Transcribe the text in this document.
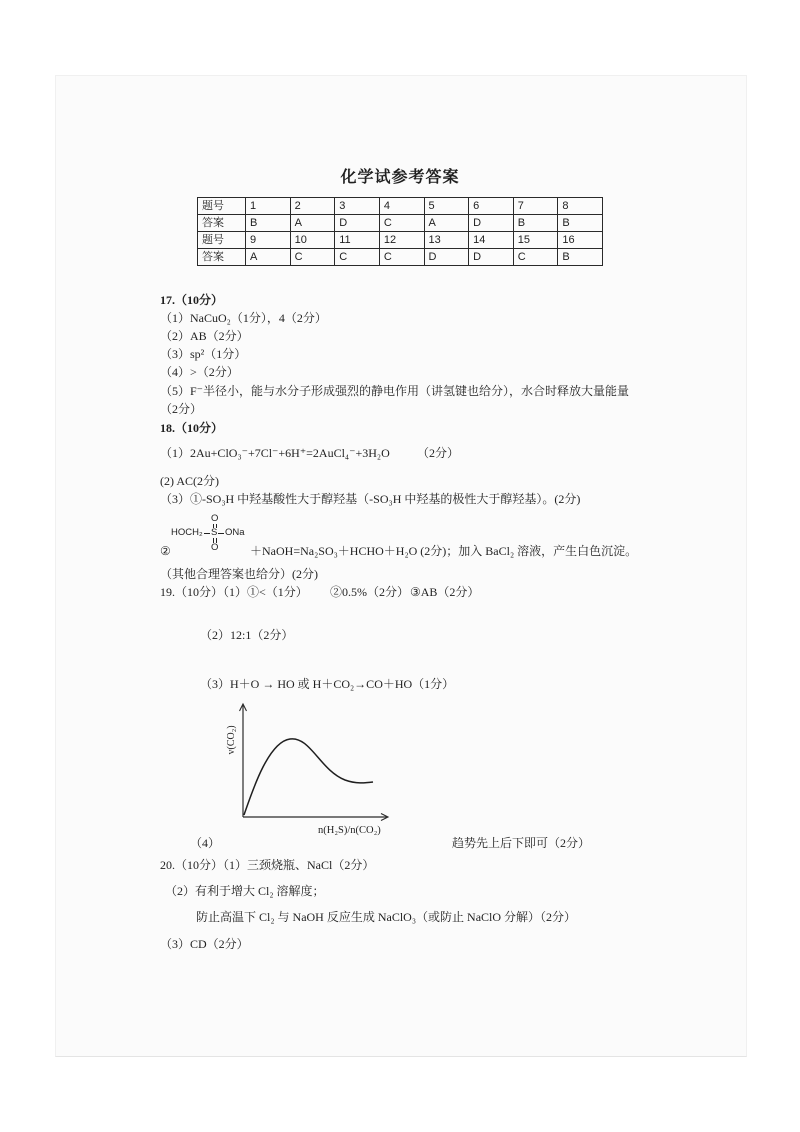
化学试参考答案
题号	1	2	3	4	5	6	7	8
答案	B	A	D	C	A	D	B	B
题号	9	10	11	12	13	14	15	16
答案	A	C	C	C	D	D	C	B
17.（10分）
（1）NaCuO₂（1分），4（2分）
（2）AB（2分）
（3）sp²（1分）
（4）>（2分）
（5）F⁻半径小，能与水分子形成强烈的静电作用（讲氢键也给分），水合时释放大量能量
（2分）
18.（10分）
（1）2Au+ClO₃⁻+7Cl⁻+6H⁺=2AuCl₄⁻+3H₂O （2分）
(2) AC(2分)
（3）①-SO₃H 中羟基酸性大于醇羟基（-SO₃H 中羟基的极性大于醇羟基）。(2分)
O
HOCH₂ S ONa
O
②	＋NaOH=Na₂SO₃＋HCHO＋H₂O (2分)；加入 BaCl₂ 溶液，产生白色沉淀。
（其他合理答案也给分）(2分)
19.（10分）（1）①<（1分） ②0.5%（2分） ③AB（2分）
（2）12:1（2分）
（3）H＋O → HO 或 H＋CO₂→CO＋HO（1分）
v(CO₂)
n(H₂S)/n(CO₂)
（4）	趋势先上后下即可（2分）
20.（10分）（1）三颈烧瓶、NaCl（2分）
（2） 有利于增大 Cl₂ 溶解度；
防止高温下 Cl₂ 与 NaOH 反应生成 NaClO₃（或防止 NaClO 分解）（2分）
（3）CD（2分）
